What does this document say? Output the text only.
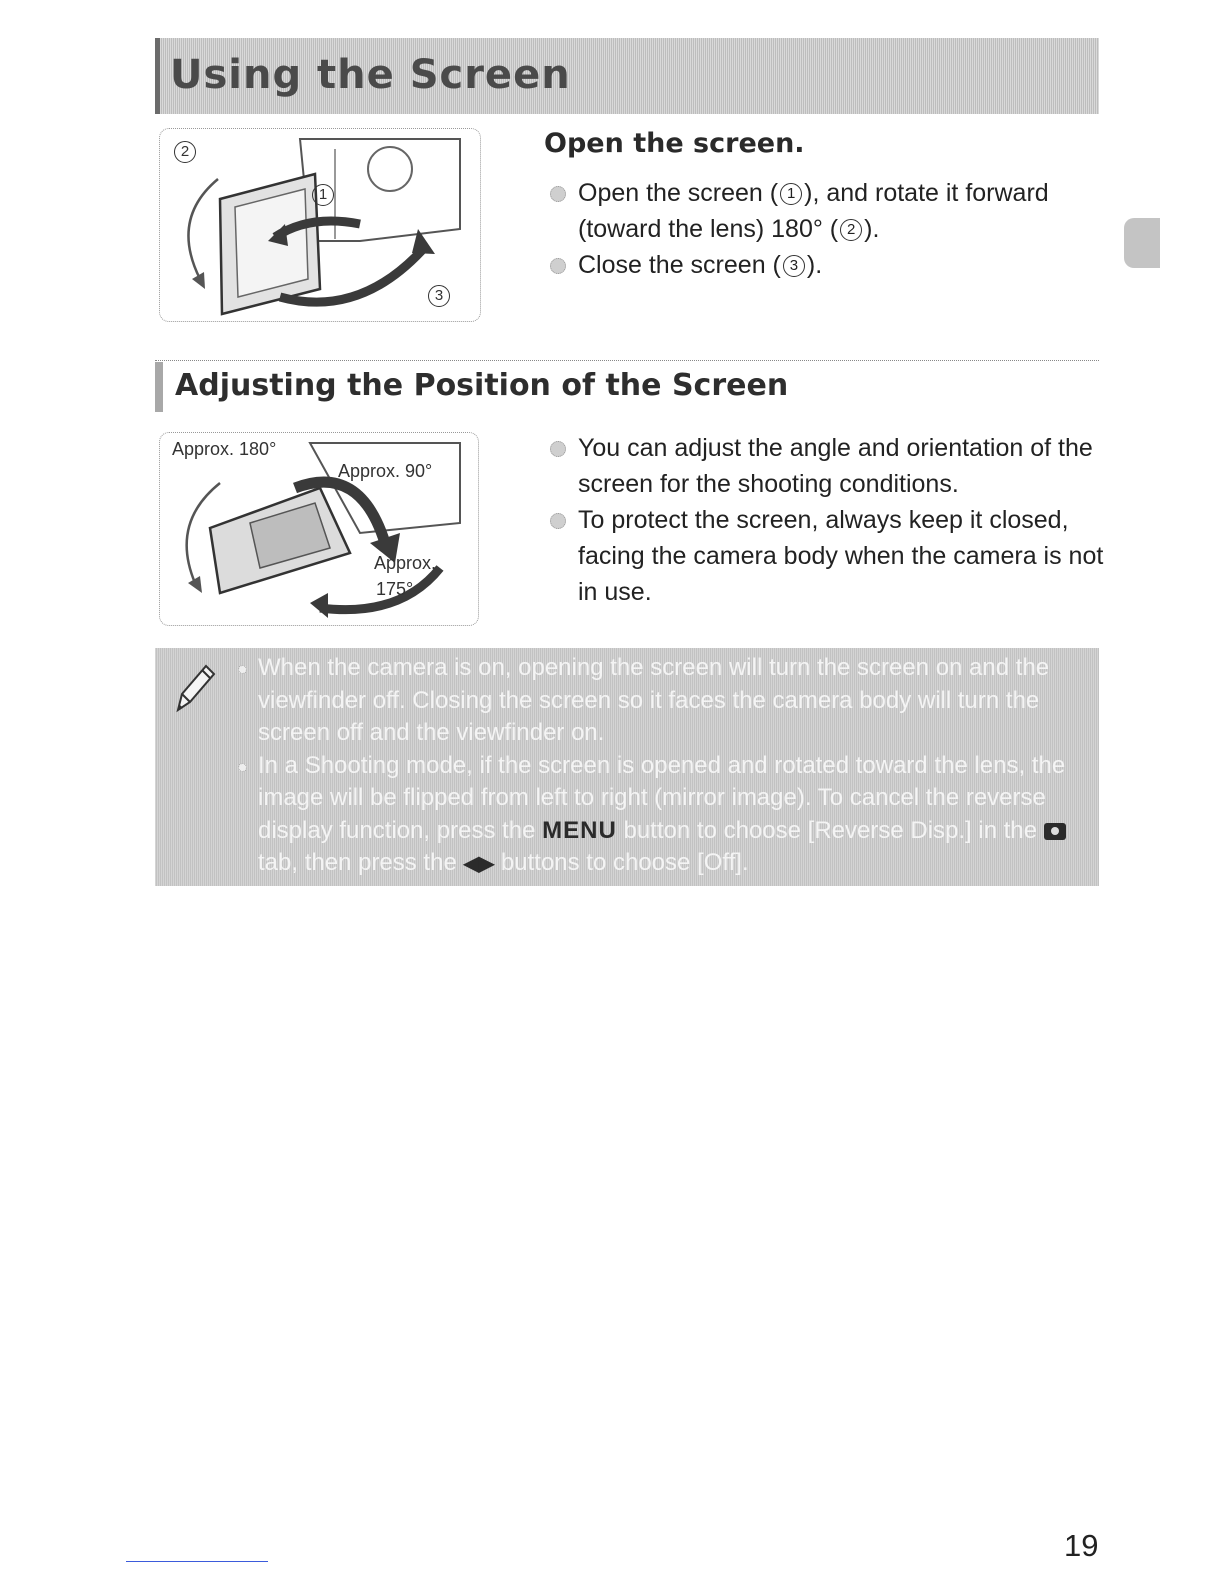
Using the Screen
2
1
3
Open the screen.
Open the screen ( 1 ), and rotate it forward (toward the lens) 180° ( 2 ).
Close the screen ( 3 ).
Adjusting the Position of the Screen
Approx. 180°
Approx. 90°
Approx.
175°
You can adjust the angle and orientation of the screen for the shooting conditions.
To protect the screen, always keep it closed, facing the camera body when the camera is not in use.
When the camera is on, opening the screen will turn the screen on and the viewfinder off. Closing the screen so it faces the camera body will turn the screen off and the viewfinder on.
In a Shooting mode, if the screen is opened and rotated toward the lens, the image will be flipped from left to right (mirror image). To cancel the reverse display function, press the MENU button to choose [Reverse Disp.] in the  tab, then press the ◀▶ buttons to choose [Off].
19
